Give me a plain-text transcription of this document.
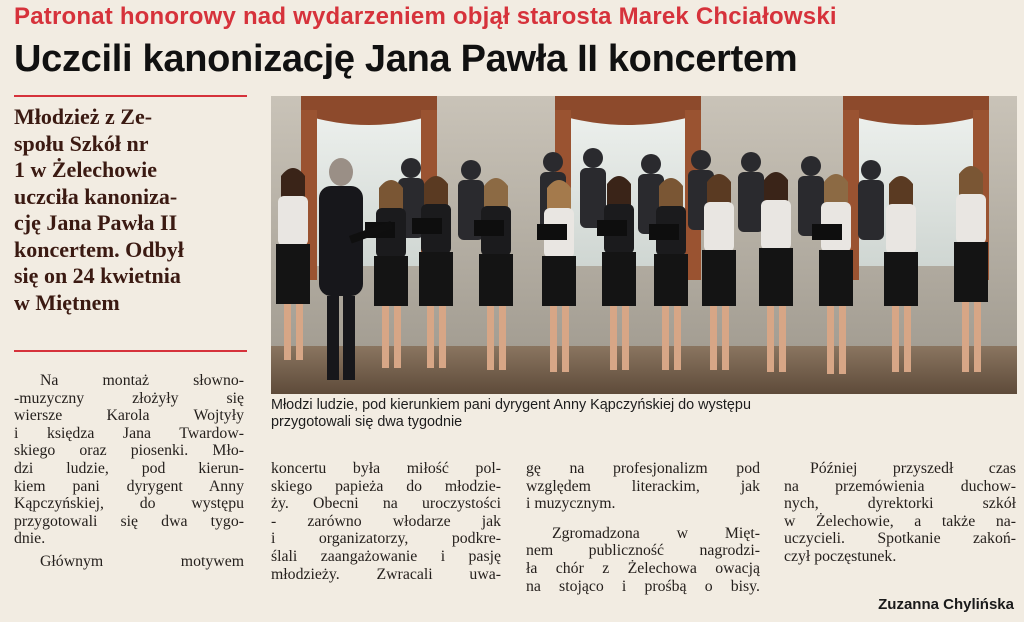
Patronat honorowy nad wydarzeniem objął starosta Marek Chciałowski
Uczcili kanonizację Jana Pawła II koncertem
Młodzież z Ze-
społu Szkół nr
1 w Żelechowie
uczciła kanoniza-
cję Jana Pawła II
koncertem. Odbył
się on 24 kwietnia
w Miętnem
Młodzi ludzie, pod kierunkiem pani dyrygent Anny Kąpczyńskiej do występu
przygotowali się dwa tygodnie
Na montaż słowno-
-muzyczny złożyły się
wiersze Karola Wojtyły
i księdza Jana Twardow-
skiego oraz piosenki. Mło-
dzi ludzie, pod kierun-
kiem pani dyrygent Anny
Kąpczyńskiej, do występu
przygotowali się dwa tygo-
dnie.
Głównym motywem
koncertu była miłość pol-
skiego papieża do młodzie-
ży. Obecni na uroczystości
- zarówno włodarze jak
i organizatorzy, podkre-
ślali zaangażowanie i pasję
młodzieży. Zwracali uwa-
gę na profesjonalizm pod
względem literackim, jak
i muzycznym.
Zgromadzona w Mięt-
nem publiczność nagrodzi-
ła chór z Żelechowa owacją
na stojąco i prośbą o bisy.
Później przyszedł czas
na przemówienia duchow-
nych, dyrektorki szkół
w Żelechowie, a także na-
uczycieli. Spotkanie zakoń-
czył poczęstunek.
Zuzanna Chylińska
